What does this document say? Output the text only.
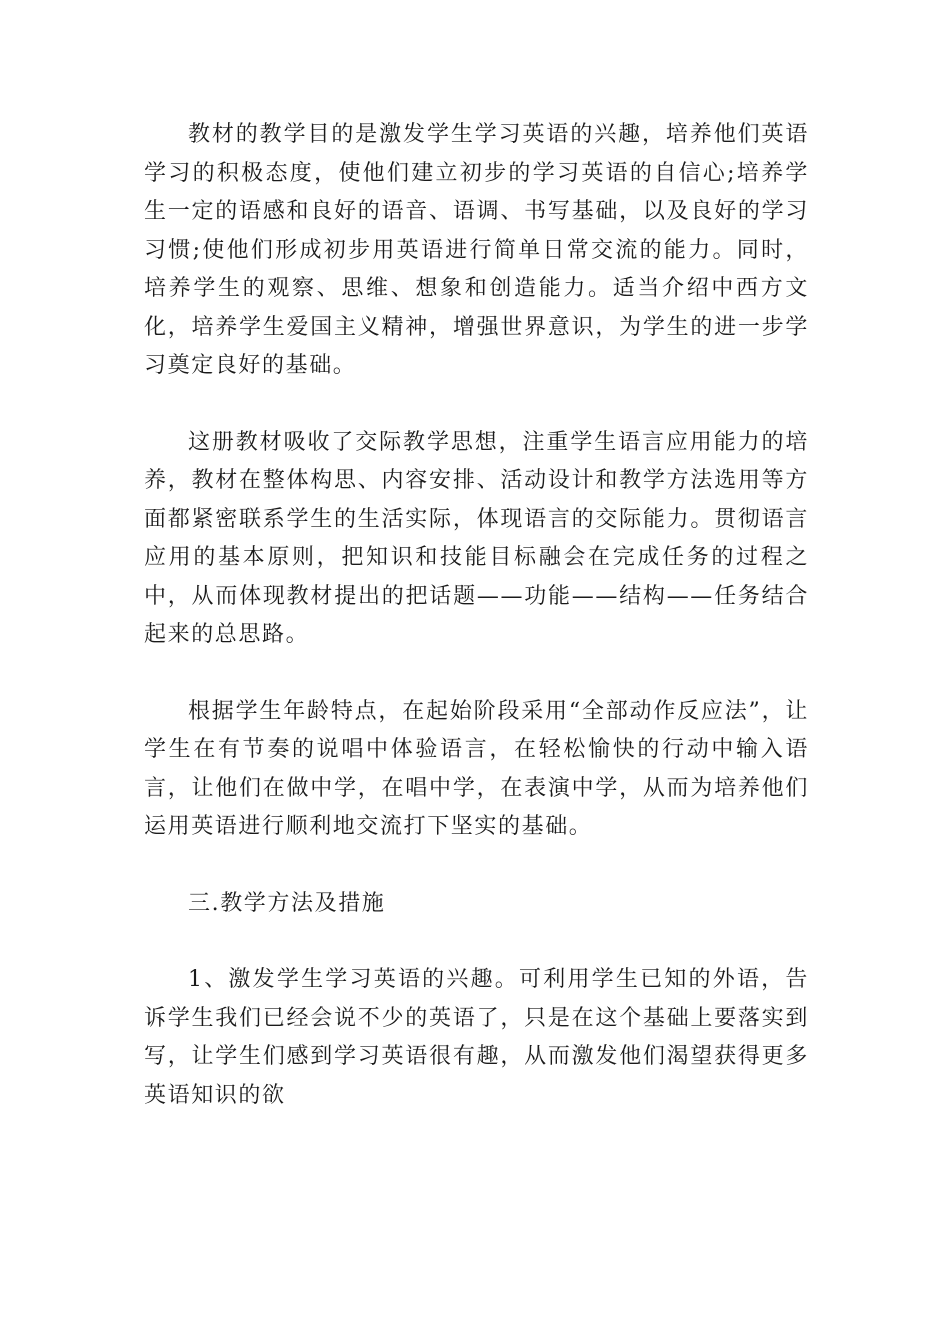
教材的教学目的是激发学生学习英语的兴趣，培养他们英语学习的积极态度，使他们建立初步的学习英语的自信心;培养学生一定的语感和良好的语音、语调、书写基础，以及良好的学习习惯;使他们形成初步用英语进行简单日常交流的能力。同时，培养学生的观察、思维、想象和创造能力。适当介绍中西方文化，培养学生爱国主义精神，增强世界意识，为学生的进一步学习奠定良好的基础。

这册教材吸收了交际教学思想，注重学生语言应用能力的培养，教材在整体构思、内容安排、活动设计和教学方法选用等方面都紧密联系学生的生活实际，体现语言的交际能力。贯彻语言应用的基本原则，把知识和技能目标融会在完成任务的过程之中，从而体现教材提出的把话题——功能——结构——任务结合起来的总思路。

根据学生年龄特点，在起始阶段采用“全部动作反应法”，让学生在有节奏的说唱中体验语言，在轻松愉快的行动中输入语言，让他们在做中学，在唱中学，在表演中学，从而为培养他们运用英语进行顺利地交流打下坚实的基础。

三.教学方法及措施

1、激发学生学习英语的兴趣。可利用学生已知的外语，告诉学生我们已经会说不少的英语了，只是在这个基础上要落实到写，让学生们感到学习英语很有趣，从而激发他们渴望获得更多英语知识的欲
